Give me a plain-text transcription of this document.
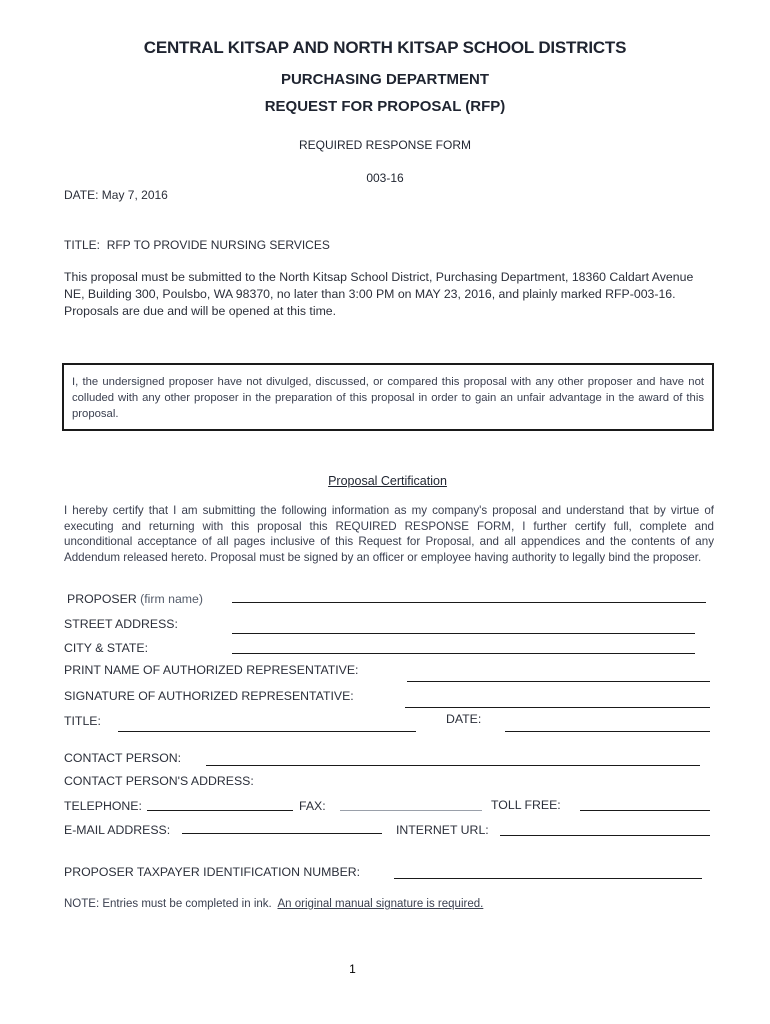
CENTRAL KITSAP AND NORTH KITSAP SCHOOL DISTRICTS
PURCHASING DEPARTMENT
REQUEST FOR PROPOSAL (RFP)
REQUIRED RESPONSE FORM
003-16
DATE: May 7, 2016
TITLE: RFP TO PROVIDE NURSING SERVICES
This proposal must be submitted to the North Kitsap School District, Purchasing Department, 18360 Caldart Avenue NE, Building 300, Poulsbo, WA 98370, no later than 3:00 PM on MAY 23, 2016, and plainly marked RFP-003-16. Proposals are due and will be opened at this time.
I, the undersigned proposer have not divulged, discussed, or compared this proposal with any other proposer and have not colluded with any other proposer in the preparation of this proposal in order to gain an unfair advantage in the award of this proposal.
Proposal Certification
I hereby certify that I am submitting the following information as my company's proposal and understand that by virtue of executing and returning with this proposal this REQUIRED RESPONSE FORM, I further certify full, complete and unconditional acceptance of all pages inclusive of this Request for Proposal, and all appendices and the contents of any Addendum released hereto. Proposal must be signed by an officer or employee having authority to legally bind the proposer.
PROPOSER (firm name)
STREET ADDRESS:
CITY & STATE:
PRINT NAME OF AUTHORIZED REPRESENTATIVE:
SIGNATURE OF AUTHORIZED REPRESENTATIVE:
TITLE:	DATE:
CONTACT PERSON:
CONTACT PERSON'S ADDRESS:
TELEPHONE:	FAX:	TOLL FREE:
E-MAIL ADDRESS:	INTERNET URL:
PROPOSER TAXPAYER IDENTIFICATION NUMBER:
NOTE: Entries must be completed in ink. An original manual signature is required.
1
